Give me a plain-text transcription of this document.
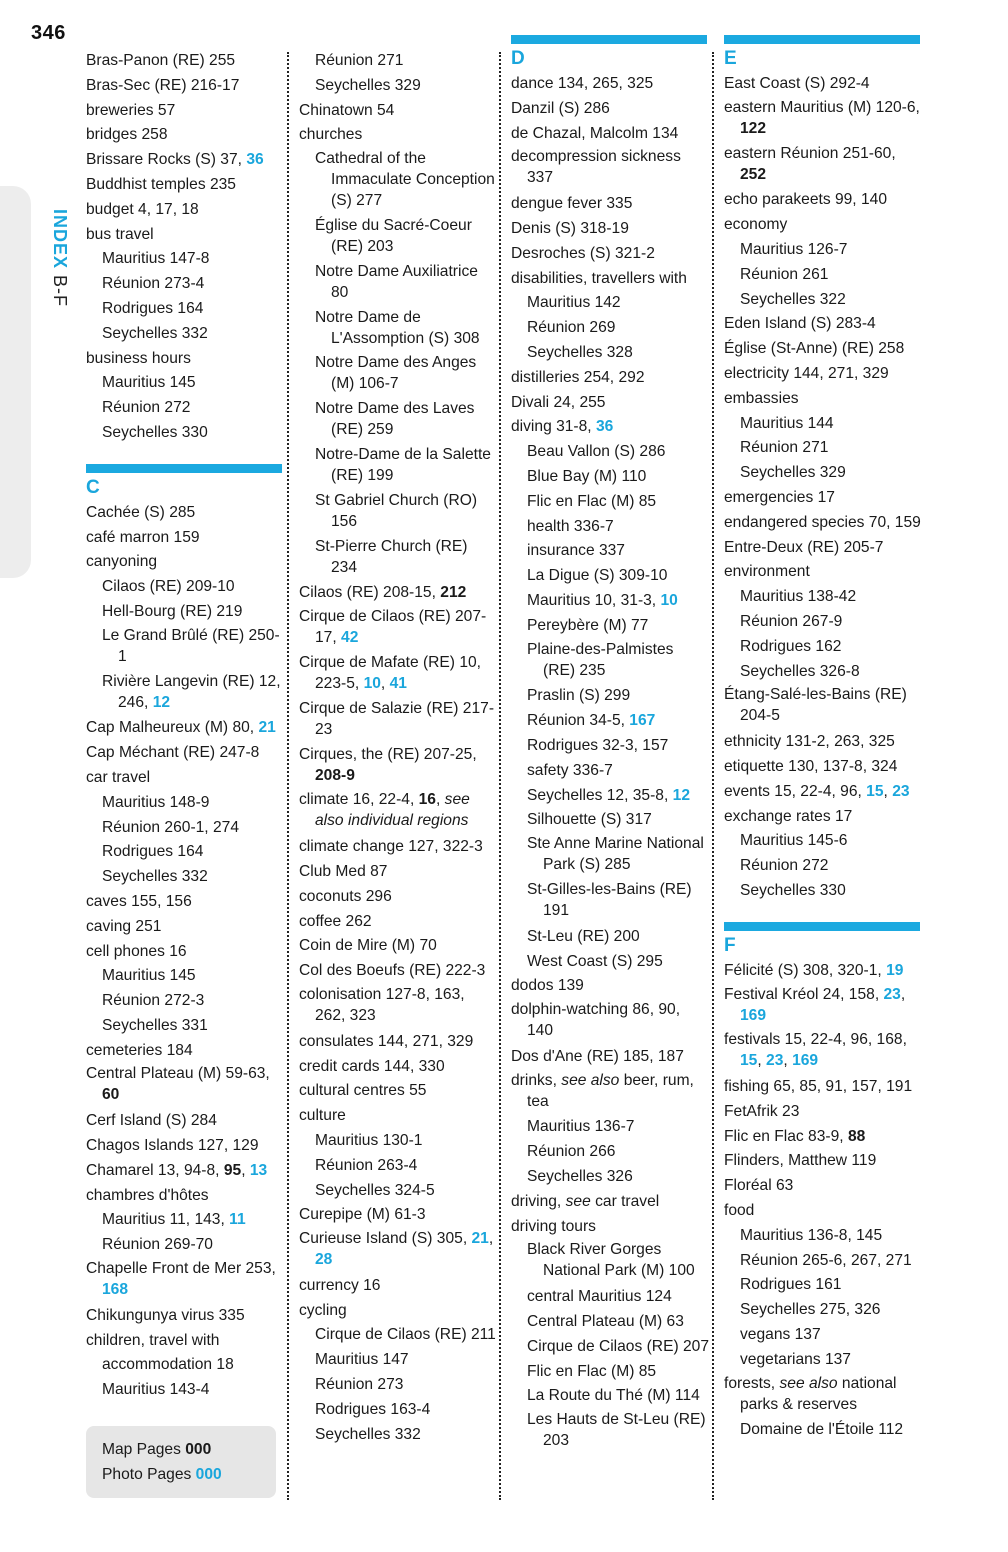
346
INDEX B-F
Bras-Panon (RE) 255
Bras-Sec (RE) 216-17
breweries 57
bridges 258
Brissare Rocks (S) 37, 36
Buddhist temples 235
budget 4, 17, 18
bus travel
Mauritius 147-8
Réunion 273-4
Rodrigues 164
Seychelles 332
business hours
Mauritius 145
Réunion 272
Seychelles 330
C
Cachée (S) 285
café marron 159
canyoning
Cilaos (RE) 209-10
Hell-Bourg (RE) 219
Le Grand Brûlé (RE) 250-1
Rivière Langevin (RE) 12, 246, 12
Cap Malheureux (M) 80, 21
Cap Méchant (RE) 247-8
car travel
Mauritius 148-9
Réunion 260-1, 274
Rodrigues 164
Seychelles 332
caves 155, 156
caving 251
cell phones 16
Mauritius 145
Réunion 272-3
Seychelles 331
cemeteries 184
Central Plateau (M) 59-63, 60
Cerf Island (S) 284
Chagos Islands 127, 129
Chamarel 13, 94-8, 95, 13
chambres d'hôtes
Mauritius 11, 143, 11
Réunion 269-70
Chapelle Front de Mer 253, 168
Chikungunya virus 335
children, travel with
accommodation 18
Mauritius 143-4
Réunion 271
Seychelles 329
Chinatown 54
churches
Cathedral of the Immaculate Conception (S) 277
Église du Sacré-Coeur (RE) 203
Notre Dame Auxiliatrice 80
Notre Dame de L'Assomption (S) 308
Notre Dame des Anges (M) 106-7
Notre Dame des Laves (RE) 259
Notre-Dame de la Salette (RE) 199
St Gabriel Church (RO) 156
St-Pierre Church (RE) 234
Cilaos (RE) 208-15, 212
Cirque de Cilaos (RE) 207-17, 42
Cirque de Mafate (RE) 10, 223-5, 10, 41
Cirque de Salazie (RE) 217-23
Cirques, the (RE) 207-25, 208-9
climate 16, 22-4, 16, see also individual regions
climate change 127, 322-3
Club Med 87
coconuts 296
coffee 262
Coin de Mire (M) 70
Col des Boeufs (RE) 222-3
colonisation 127-8, 163, 262, 323
consulates 144, 271, 329
credit cards 144, 330
cultural centres 55
culture
Mauritius 130-1
Réunion 263-4
Seychelles 324-5
Curepipe (M) 61-3
Curieuse Island (S) 305, 21, 28
currency 16
cycling
Cirque de Cilaos (RE) 211
Mauritius 147
Réunion 273
Rodrigues 163-4
Seychelles 332
D
dance 134, 265, 325
Danzil (S) 286
de Chazal, Malcolm 134
decompression sickness 337
dengue fever 335
Denis (S) 318-19
Desroches (S) 321-2
disabilities, travellers with
Mauritius 142
Réunion 269
Seychelles 328
distilleries 254, 292
Divali 24, 255
diving 31-8, 36
Beau Vallon (S) 286
Blue Bay (M) 110
Flic en Flac (M) 85
health 336-7
insurance 337
La Digue (S) 309-10
Mauritius 10, 31-3, 10
Pereybère (M) 77
Plaine-des-Palmistes (RE) 235
Praslin (S) 299
Réunion 34-5, 167
Rodrigues 32-3, 157
safety 336-7
Seychelles 12, 35-8, 12
Silhouette (S) 317
Ste Anne Marine National Park (S) 285
St-Gilles-les-Bains (RE) 191
St-Leu (RE) 200
West Coast (S) 295
dodos 139
dolphin-watching 86, 90, 140
Dos d'Ane (RE) 185, 187
drinks, see also beer, rum, tea
Mauritius 136-7
Réunion 266
Seychelles 326
driving, see car travel
driving tours
Black River Gorges National Park (M) 100
central Mauritius 124
Central Plateau (M) 63
Cirque de Cilaos (RE) 207
Flic en Flac (M) 85
La Route du Thé (M) 114
Les Hauts de St-Leu (RE) 203
E
East Coast (S) 292-4
eastern Mauritius (M) 120-6, 122
eastern Réunion 251-60, 252
echo parakeets 99, 140
economy
Mauritius 126-7
Réunion 261
Seychelles 322
Eden Island (S) 283-4
Église (St-Anne) (RE) 258
electricity 144, 271, 329
embassies
Mauritius 144
Réunion 271
Seychelles 329
emergencies 17
endangered species 70, 159
Entre-Deux (RE) 205-7
environment
Mauritius 138-42
Réunion 267-9
Rodrigues 162
Seychelles 326-8
Étang-Salé-les-Bains (RE) 204-5
ethnicity 131-2, 263, 325
etiquette 130, 137-8, 324
events 15, 22-4, 96, 15, 23
exchange rates 17
Mauritius 145-6
Réunion 272
Seychelles 330
F
Félicité (S) 308, 320-1, 19
Festival Kréol 24, 158, 23, 169
festivals 15, 22-4, 96, 168, 15, 23, 169
fishing 65, 85, 91, 157, 191
FetAfrik 23
Flic en Flac 83-9, 88
Flinders, Matthew 119
Floréal 63
food
Mauritius 136-8, 145
Réunion 265-6, 267, 271
Rodrigues 161
Seychelles 275, 326
vegans 137
vegetarians 137
forests, see also national parks & reserves
Domaine de l'Étoile 112
Map Pages 000
Photo Pages 000
